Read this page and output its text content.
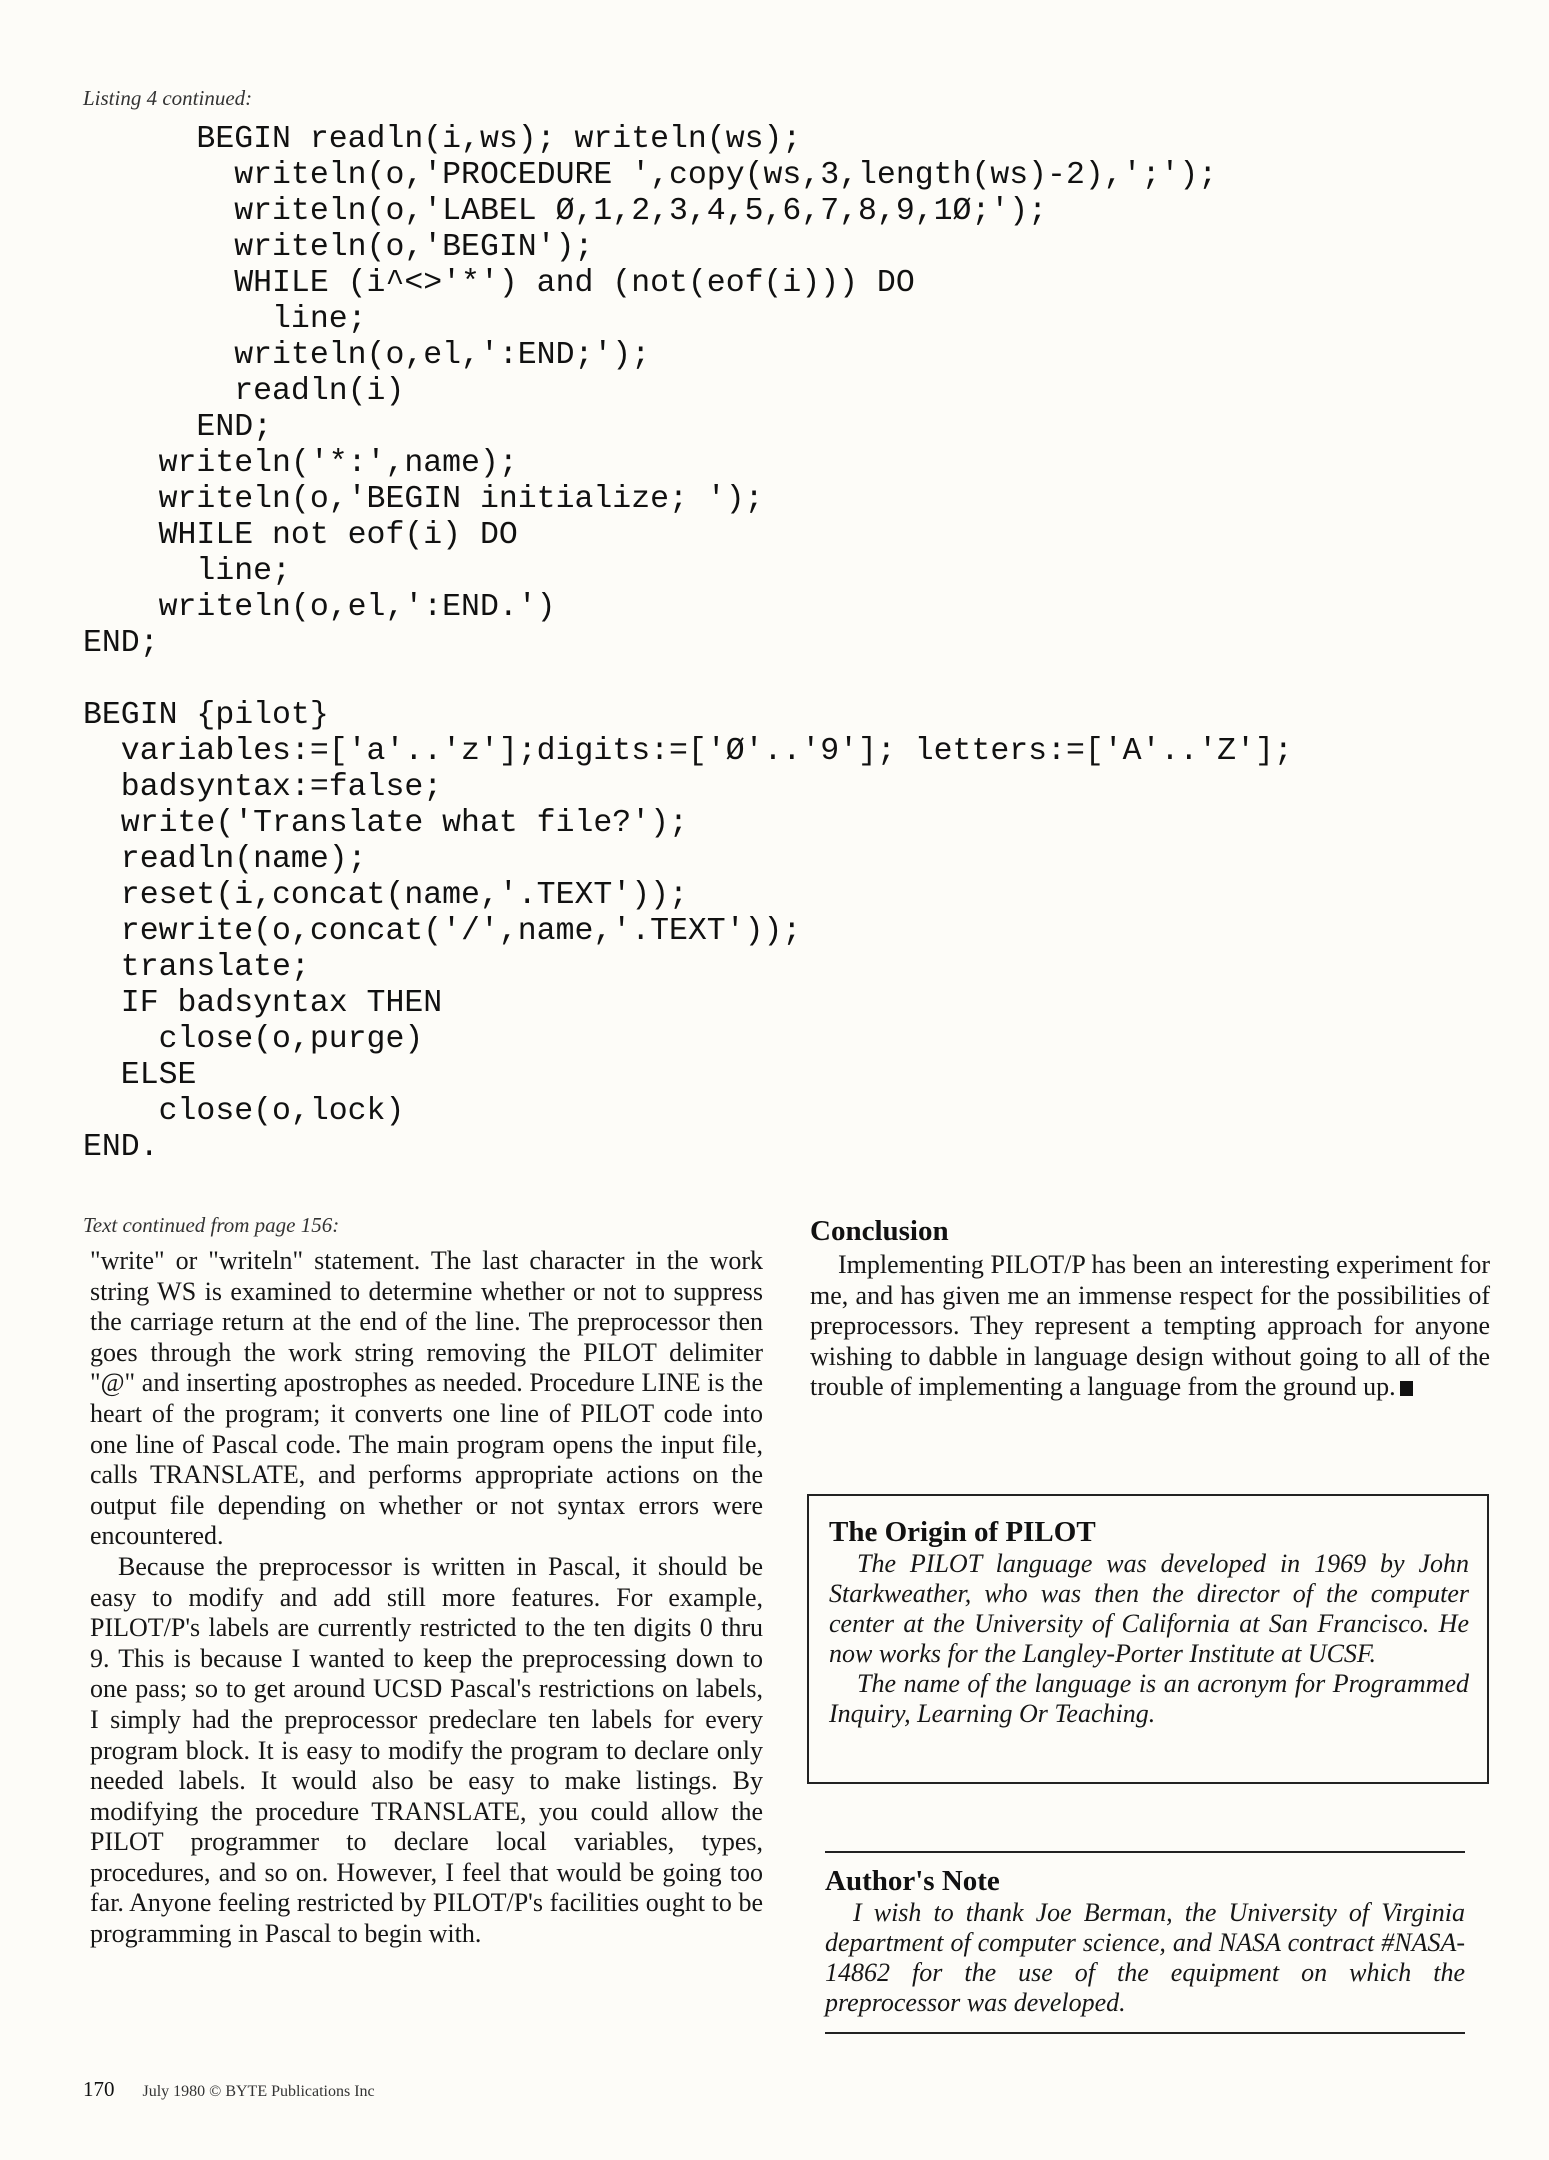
Listing 4 continued:
BEGIN readln(i,ws); writeln(ws);
writeln(o,'PROCEDURE ',copy(ws,3,length(ws)-2),';');
writeln(o,'LABEL Ø,1,2,3,4,5,6,7,8,9,1Ø;');
writeln(o,'BEGIN');
WHILE (i^<>'*') and (not(eof(i))) DO
line;
writeln(o,el,':END;');
readln(i)
END;
writeln('*:',name);
writeln(o,'BEGIN initialize; ');
WHILE not eof(i) DO
line;
writeln(o,el,':END.')
END;
BEGIN {pilot}
variables:=['a'..'z'];digits:=['Ø'..'9']; letters:=['A'..'Z'];
badsyntax:=false;
write('Translate what file?');
readln(name);
reset(i,concat(name,'.TEXT'));
rewrite(o,concat('/',name,'.TEXT'));
translate;
IF badsyntax THEN
close(o,purge)
ELSE
close(o,lock)
END.
Text continued from page 156:

"write" or "writeln" statement. The last character in the work string WS is examined to determine whether or not to suppress the carriage return at the end of the line. The preprocessor then goes through the work string removing the PILOT delimiter "@" and inserting apostrophes as needed. Procedure LINE is the heart of the program; it converts one line of PILOT code into one line of Pascal code. The main program opens the input file, calls TRANSLATE, and performs appropriate actions on the output file depending on whether or not syntax errors were encountered.

Because the preprocessor is written in Pascal, it should be easy to modify and add still more features. For example, PILOT/P's labels are currently restricted to the ten digits 0 thru 9. This is because I wanted to keep the preprocessing down to one pass; so to get around UCSD Pascal's restrictions on labels, I simply had the preprocessor predeclare ten labels for every program block. It is easy to modify the program to declare only needed labels. It would also be easy to make listings. By modifying the procedure TRANSLATE, you could allow the PILOT programmer to declare local variables, types, procedures, and so on. However, I feel that would be going too far. Anyone feeling restricted by PILOT/P's facilities ought to be programming in Pascal to begin with.

Conclusion

Implementing PILOT/P has been an interesting experiment for me, and has given me an immense respect for the possibilities of preprocessors. They represent a tempting approach for anyone wishing to dabble in language design without going to all of the trouble of implementing a language from the ground up.

The Origin of PILOT

The PILOT language was developed in 1969 by John Starkweather, who was then the director of the computer center at the University of California at San Francisco. He now works for the Langley-Porter Institute at UCSF.

The name of the language is an acronym for Programmed Inquiry, Learning Or Teaching.

Author's Note

I wish to thank Joe Berman, the University of Virginia department of computer science, and NASA contract #NASA-14862 for the use of the equipment on which the preprocessor was developed.

170 July 1980 © BYTE Publications Inc
